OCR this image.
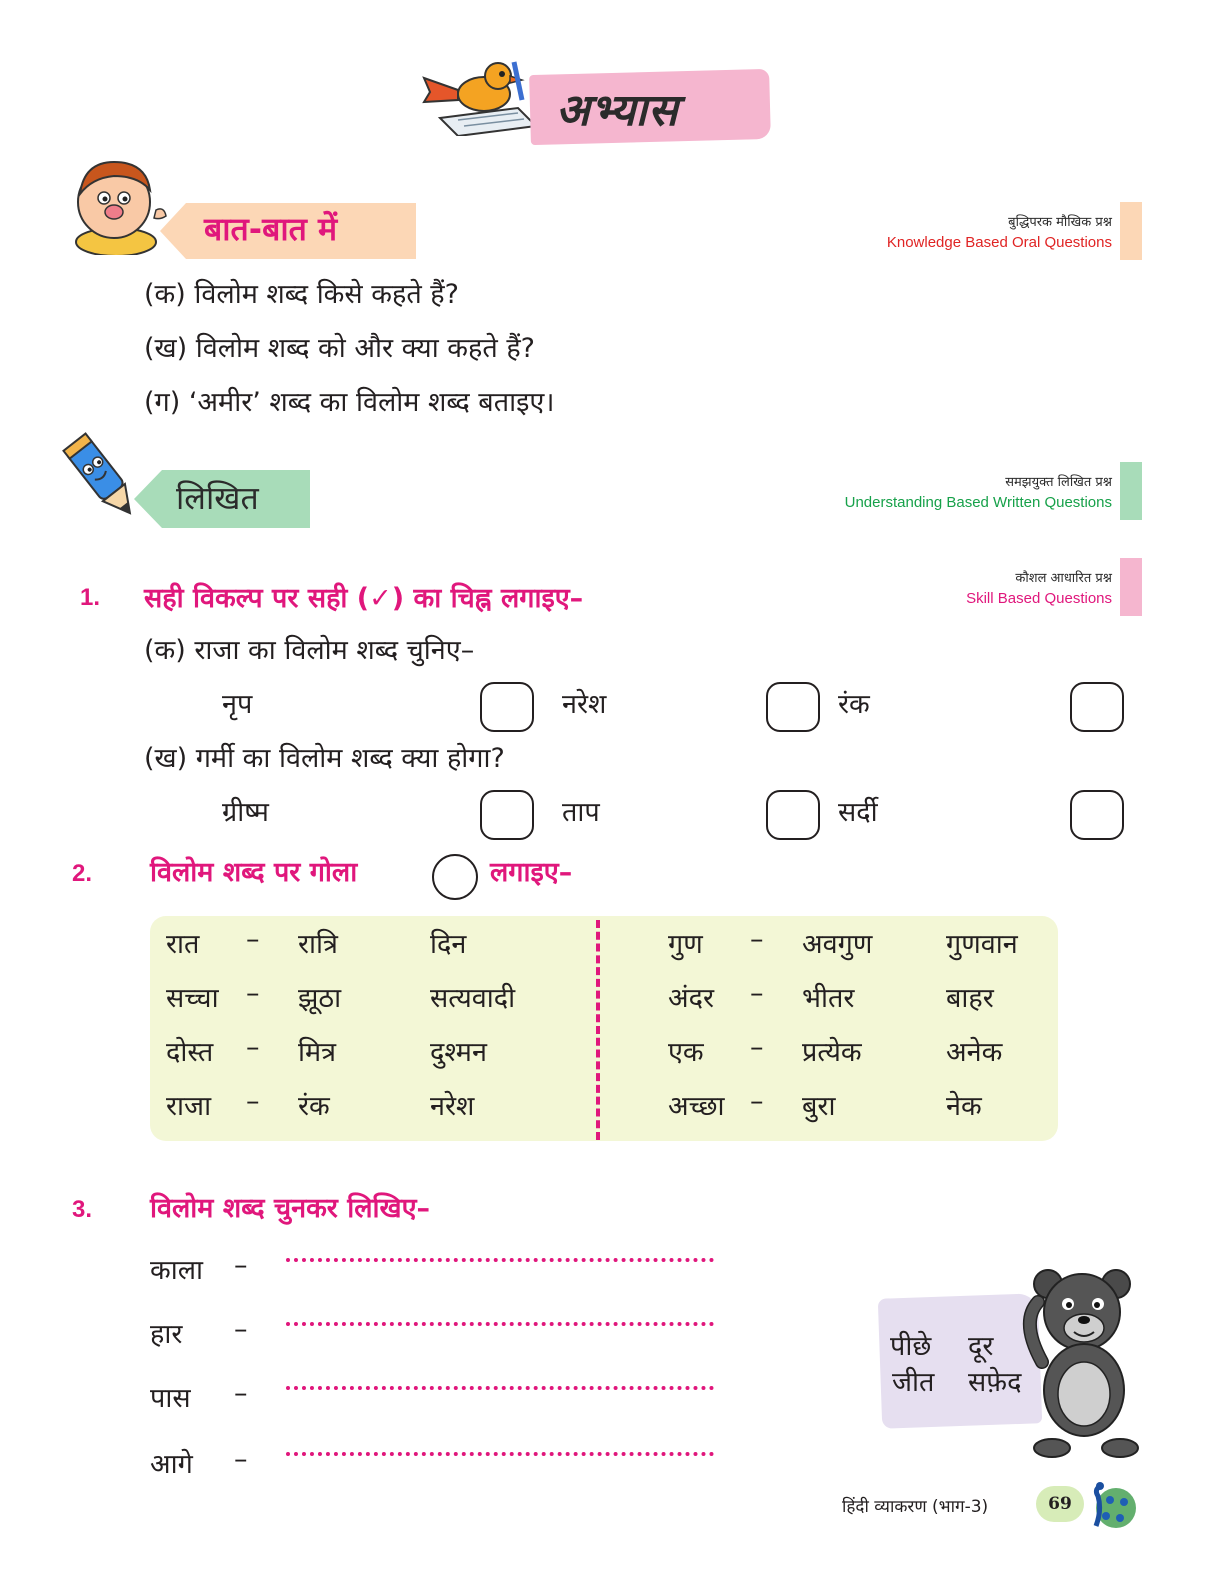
अभ्यास
बात-बात में	बुद्धिपरक मौखिक प्रश्न
Knowledge Based Oral Questions
(क) विलोम शब्द किसे कहते हैं?
(ख) विलोम शब्द को और क्या कहते हैं?
(ग) ‘अमीर’ शब्द का विलोम शब्द बताइए।
लिखित	समझयुक्त लिखित प्रश्न
Understanding Based Written Questions
कौशल आधारित प्रश्न
Skill Based Questions
1. सही विकल्प पर सही (✓) का चिह्न लगाइए–
(क) राजा का विलोम शब्द चुनिए–
नृप	नरेश	रंक
(ख) गर्मी का विलोम शब्द क्या होगा?
ग्रीष्म	ताप	सर्दी
2. विलोम शब्द पर गोला	लगाइए–
रात – रात्रि	दिन
सच्चा – झूठा	सत्यवादी
दोस्त – मित्र	दुश्मन
राजा – रंक	नरेश
गुण – अवगुण	गुणवान
अंदर – भीतर	बाहर
एक – प्रत्येक	अनेक
अच्छा – बुरा	नेक
3. विलोम शब्द चुनकर लिखिए–
काला –
हार –
पास –
आगे –
पीछे दूर
जीत सफ़ेद
हिंदी व्याकरण (भाग-3)	69
